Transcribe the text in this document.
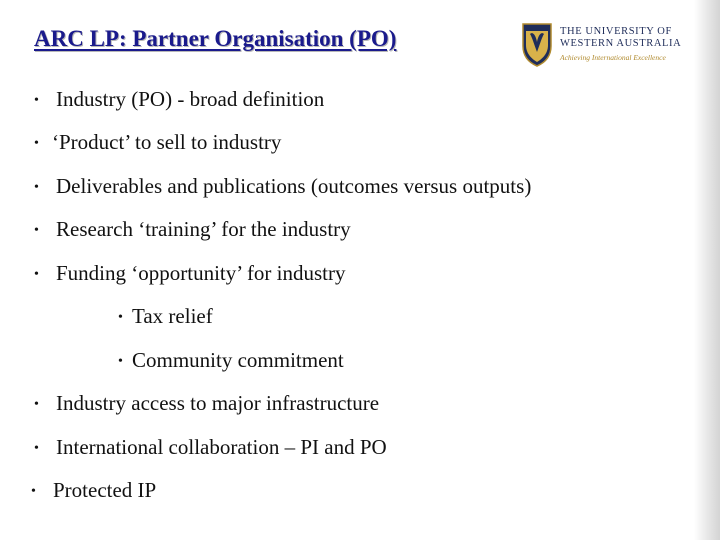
ARC LP: Partner Organisation (PO)	THE UNIVERSITY OF
WESTERN AUSTRALIA
Achieving International Excellence
• Industry (PO) - broad definition
• ‘Product’ to sell to industry
• Deliverables and publications (outcomes versus outputs)
• Research ‘training’ for the industry
• Funding ‘opportunity’ for industry
• Tax relief
• Community commitment
• Industry access to major infrastructure
• International collaboration – PI and PO
• Protected IP
